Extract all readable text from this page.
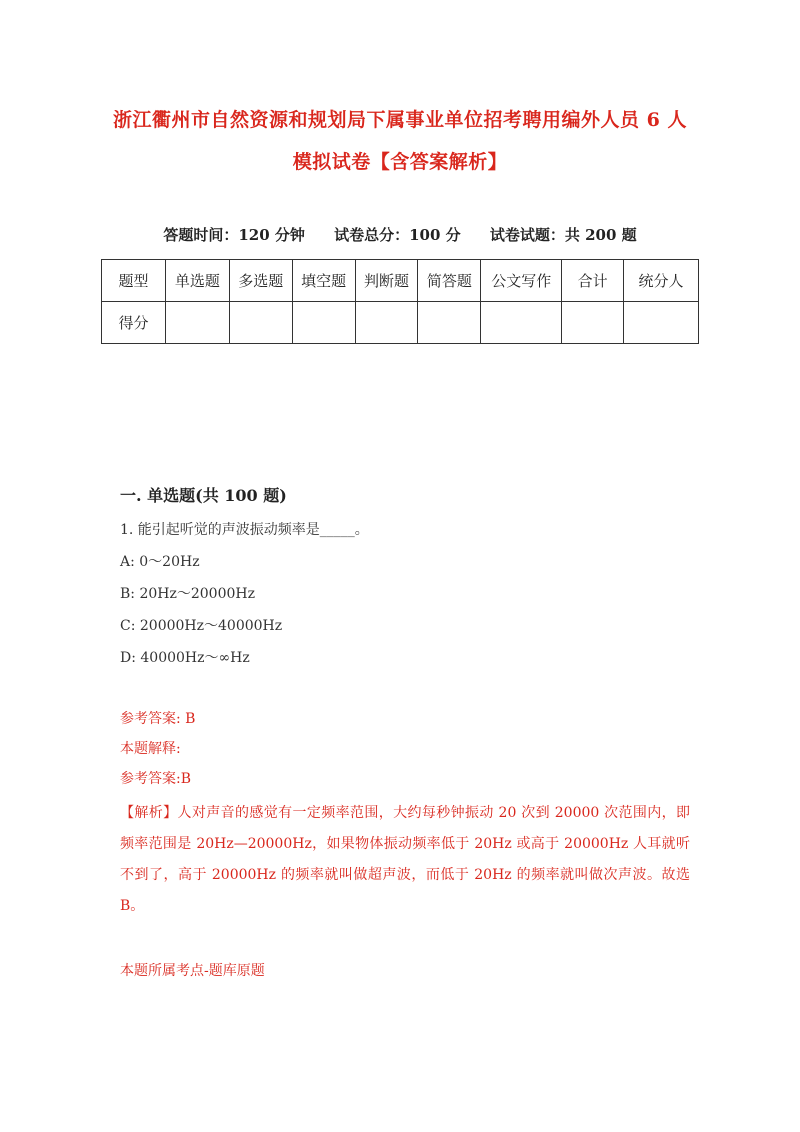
浙江衢州市自然资源和规划局下属事业单位招考聘用编外人员 6 人
模拟试卷【含答案解析】
答题时间：120 分钟 试卷总分：100 分 试卷试题：共 200 题
题型	单选题	多选题	填空题	判断题	简答题	公文写作	合计	统分人
得分								
一. 单选题(共 100 题)
1. 能引起听觉的声波振动频率是_____。
A: 0～20Hz
B: 20Hz～20000Hz
C: 20000Hz～40000Hz
D: 40000Hz～∞Hz
参考答案: B
本题解释:
参考答案:B
【解析】人对声音的感觉有一定频率范围，大约每秒钟振动 20 次到 20000 次范围内，即频率范围是 20Hz—20000Hz，如果物体振动频率低于 20Hz 或高于 20000Hz 人耳就听不到了，高于 20000Hz 的频率就叫做超声波，而低于 20Hz 的频率就叫做次声波。故选 B。
本题所属考点-题库原题
